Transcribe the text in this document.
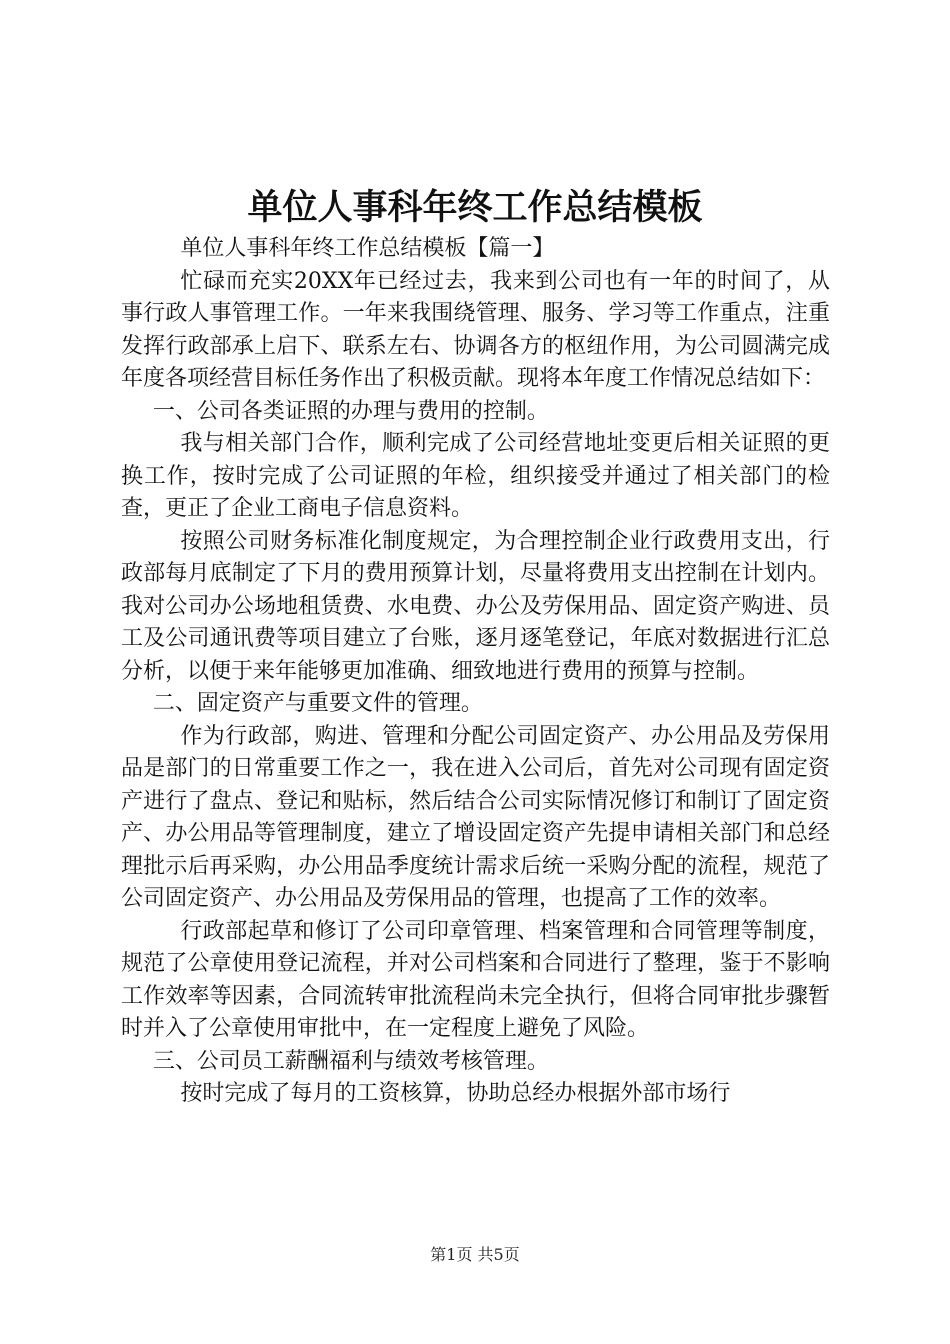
单位人事科年终工作总结模板

单位人事科年终工作总结模板【篇一】

忙碌而充实20XX年已经过去，我来到公司也有一年的时间了，从事行政人事管理工作。一年来我围绕管理、服务、学习等工作重点，注重发挥行政部承上启下、联系左右、协调各方的枢纽作用，为公司圆满完成年度各项经营目标任务作出了积极贡献。现将本年度工作情况总结如下：

一、公司各类证照的办理与费用的控制。

我与相关部门合作，顺利完成了公司经营地址变更后相关证照的更换工作，按时完成了公司证照的年检，组织接受并通过了相关部门的检查，更正了企业工商电子信息资料。

按照公司财务标准化制度规定，为合理控制企业行政费用支出，行政部每月底制定了下月的费用预算计划，尽量将费用支出控制在计划内。我对公司办公场地租赁费、水电费、办公及劳保用品、固定资产购进、员工及公司通讯费等项目建立了台账，逐月逐笔登记，年底对数据进行汇总分析，以便于来年能够更加准确、细致地进行费用的预算与控制。

二、固定资产与重要文件的管理。

作为行政部，购进、管理和分配公司固定资产、办公用品及劳保用品是部门的日常重要工作之一，我在进入公司后，首先对公司现有固定资产进行了盘点、登记和贴标，然后结合公司实际情况修订和制订了固定资产、办公用品等管理制度，建立了增设固定资产先提申请相关部门和总经理批示后再采购，办公用品季度统计需求后统一采购分配的流程，规范了公司固定资产、办公用品及劳保用品的管理，也提高了工作的效率。

行政部起草和修订了公司印章管理、档案管理和合同管理等制度，规范了公章使用登记流程，并对公司档案和合同进行了整理，鉴于不影响工作效率等因素，合同流转审批流程尚未完全执行，但将合同审批步骤暂时并入了公章使用审批中，在一定程度上避免了风险。

三、公司员工薪酬福利与绩效考核管理。

按时完成了每月的工资核算，协助总经办根据外部市场行

第1页 共5页
